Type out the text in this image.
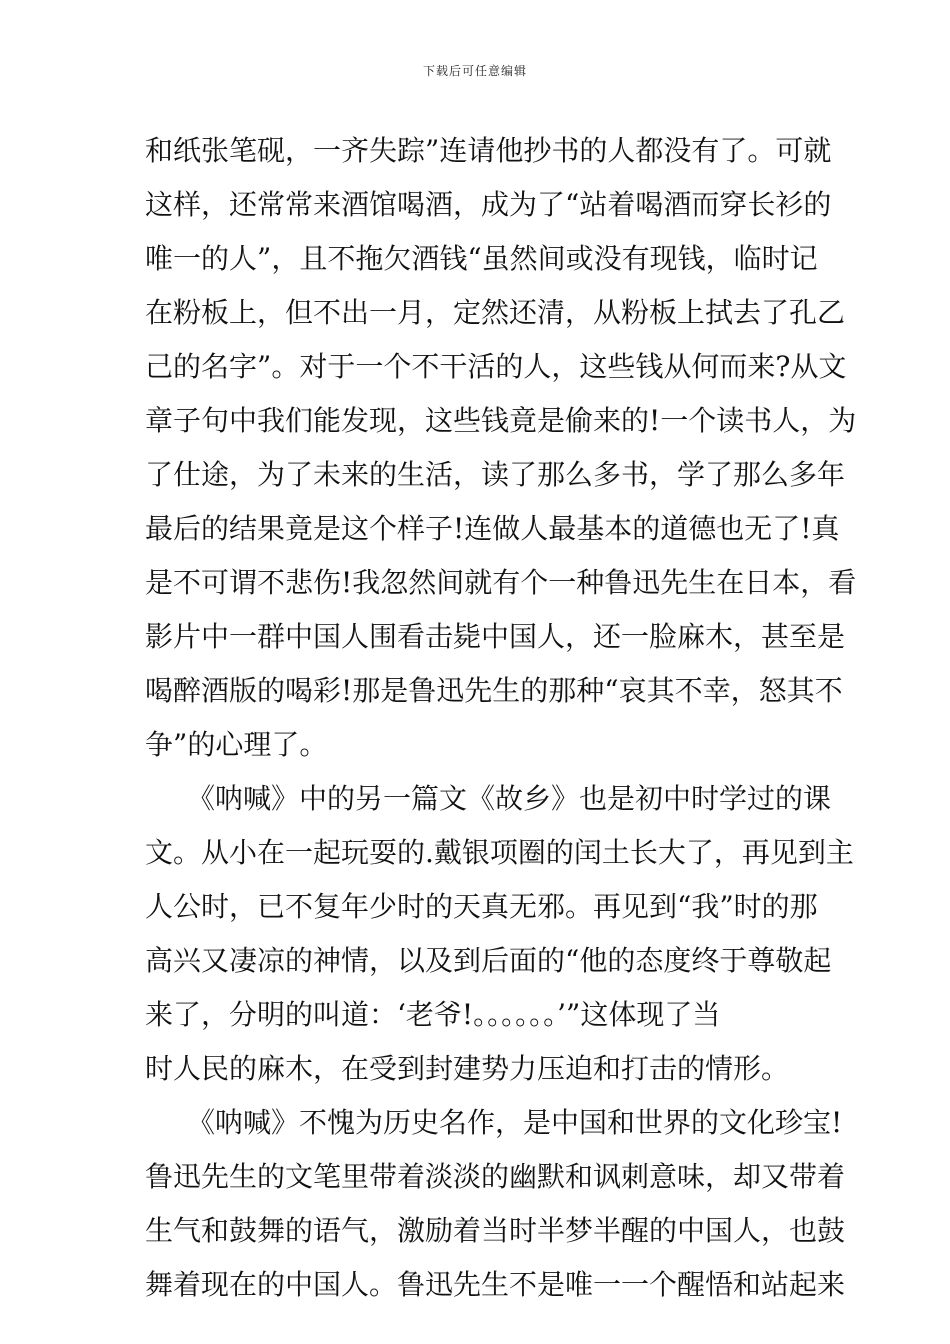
下载后可任意编辑
和纸张笔砚，一齐失踪”连请他抄书的人都没有了。可就
这样，还常常来酒馆喝酒，成为了“站着喝酒而穿长衫的
唯一的人”，且不拖欠酒钱“虽然间或没有现钱，临时记
在粉板上，但不出一月，定然还清，从粉板上拭去了孔乙
己的名字”。对于一个不干活的人，这些钱从何而来?从文
章子句中我们能发现，这些钱竟是偷来的!一个读书人，为
了仕途，为了未来的生活，读了那么多书，学了那么多年
最后的结果竟是这个样子!连做人最基本的道德也无了!真
是不可谓不悲伤!我忽然间就有个一种鲁迅先生在日本，看
影片中一群中国人围看击毙中国人，还一脸麻木，甚至是
喝醉酒版的喝彩!那是鲁迅先生的那种“哀其不幸，怒其不
争”的心理了。
　　《呐喊》中的另一篇文《故乡》也是初中时学过的课
文。从小在一起玩耍的.戴银项圈的闰土长大了，再见到主
人公时，已不复年少时的天真无邪。再见到“我”时的那
高兴又凄凉的神情，以及到后面的“他的态度终于尊敬起
来了，分明的叫道：‘老爷!。。。。。。’”这体现了当
时人民的麻木，在受到封建势力压迫和打击的情形。
　　《呐喊》不愧为历史名作，是中国和世界的文化珍宝!
鲁迅先生的文笔里带着淡淡的幽默和讽刺意味，却又带着
生气和鼓舞的语气，激励着当时半梦半醒的中国人，也鼓
舞着现在的中国人。鲁迅先生不是唯一一个醒悟和站起来
